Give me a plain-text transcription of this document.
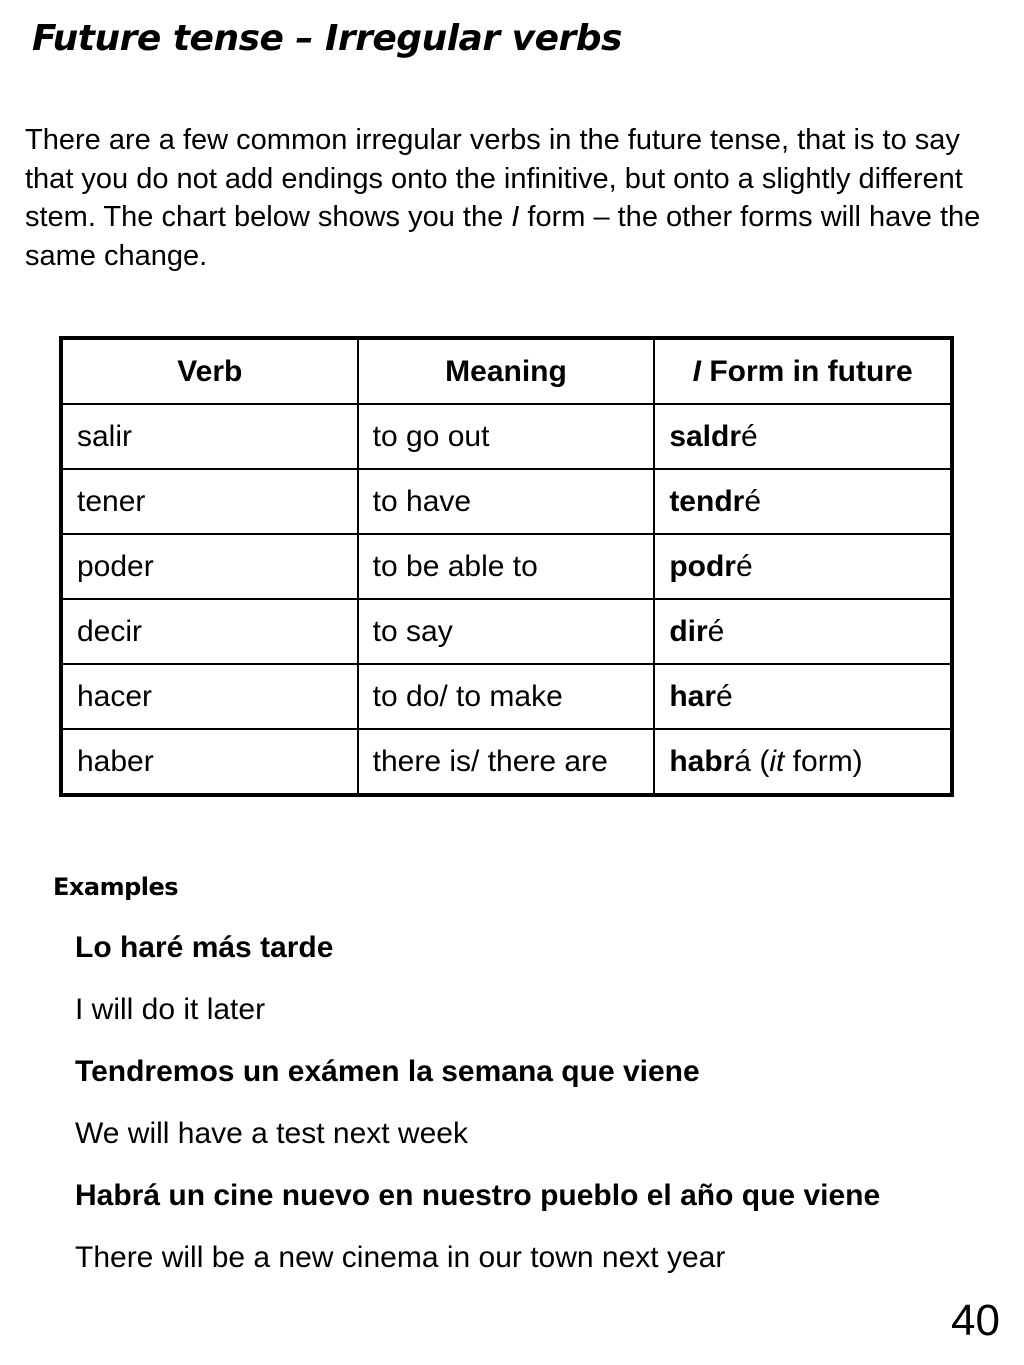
Future tense – Irregular verbs

There are a few common irregular verbs in the future tense, that is to say that you do not add endings onto the infinitive, but onto a slightly different stem. The chart below shows you the I form – the other forms will have the same change.

Verb	Meaning	I Form in future
salir	to go out	saldré
tener	to have	tendré
poder	to be able to	podré
decir	to say	diré
hacer	to do/ to make	haré
haber	there is/ there are	habrá (it form)
Examples
Lo haré más tarde
I will do it later
Tendremos un exámen la semana que viene
We will have a test next week
Habrá un cine nuevo en nuestro pueblo el año que viene
There will be a new cinema in our town next year
40
